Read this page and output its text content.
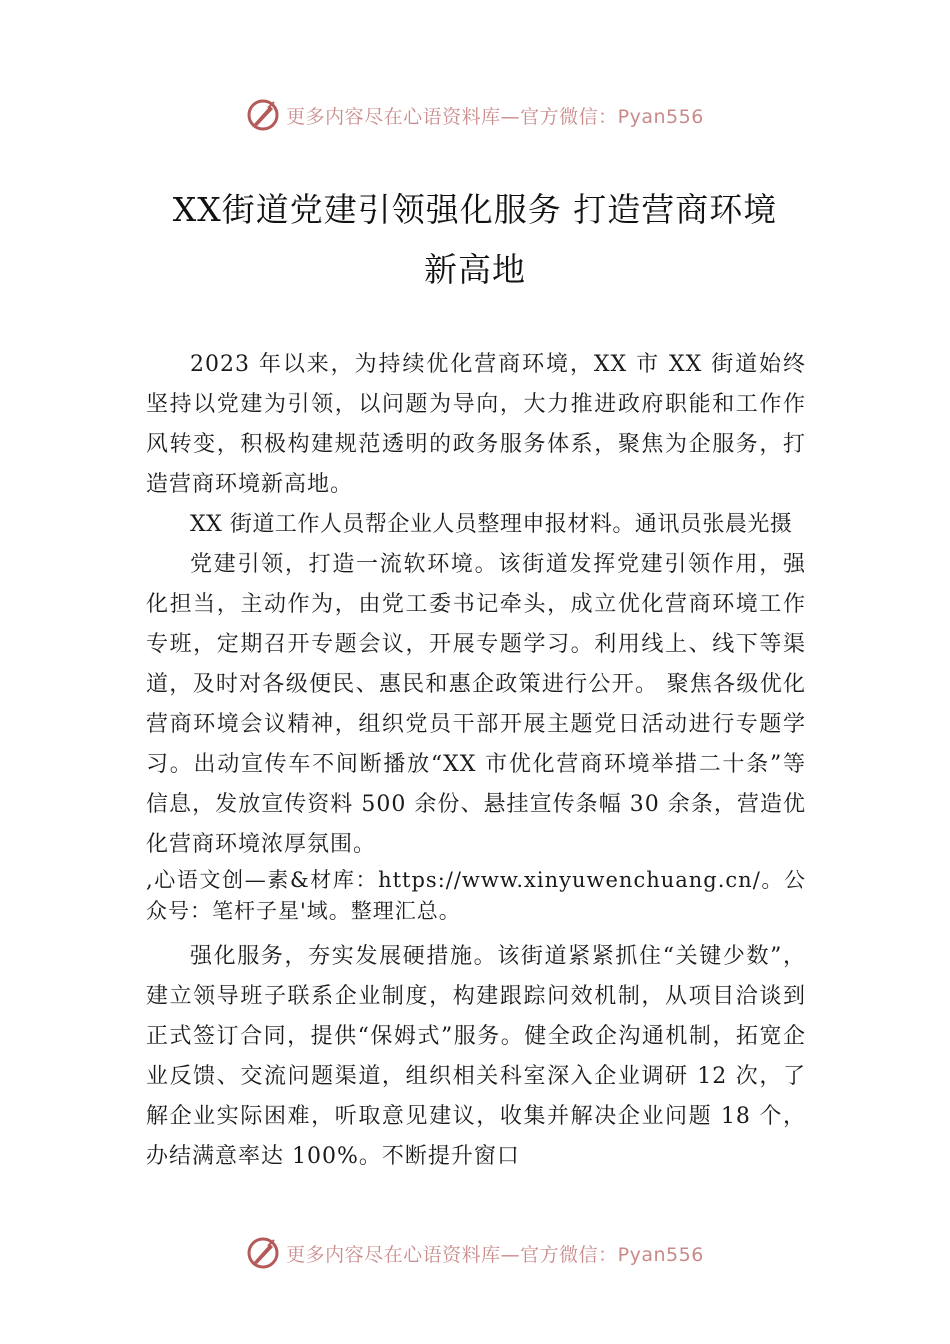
更多内容尽在心语资料库—官方微信：Pyan556
XX街道党建引领强化服务 打造营商环境
新高地

2023 年以来，为持续优化营商环境，XX 市 XX 街道始终坚持以党建为引领，以问题为导向，大力推进政府职能和工作作风转变，积极构建规范透明的政务服务体系，聚焦为企服务，打造营商环境新高地。

XX 街道工作人员帮企业人员整理申报材料。通讯员张晨光摄

党建引领，打造一流软环境。该街道发挥党建引领作用，强化担当，主动作为，由党工委书记牵头，成立优化营商环境工作专班，定期召开专题会议，开展专题学习。利用线上、线下等渠道，及时对各级便民、惠民和惠企政策进行公开。 聚焦各级优化营商环境会议精神，组织党员干部开展主题党日活动进行专题学习。出动宣传车不间断播放“XX 市优化营商环境举措二十条”等信息，发放宣传资料 500 余份、悬挂宣传条幅 30 余条，营造优化营商环境浓厚氛围。

,心语文创—素&材库：https://www.xinyuwenchuang.cn/。公众号：笔杆子星'域。整理汇总。

强化服务，夯实发展硬措施。该街道紧紧抓住“关键少数”，建立领导班子联系企业制度，构建跟踪问效机制，从项目洽谈到正式签订合同，提供“保姆式”服务。健全政企沟通机制，拓宽企业反馈、交流问题渠道，组织相关科室深入企业调研 12 次，了解企业实际困难，听取意见建议，收集并解决企业问题 18 个，办结满意率达 100%。不断提升窗口

更多内容尽在心语资料库—官方微信：Pyan556
